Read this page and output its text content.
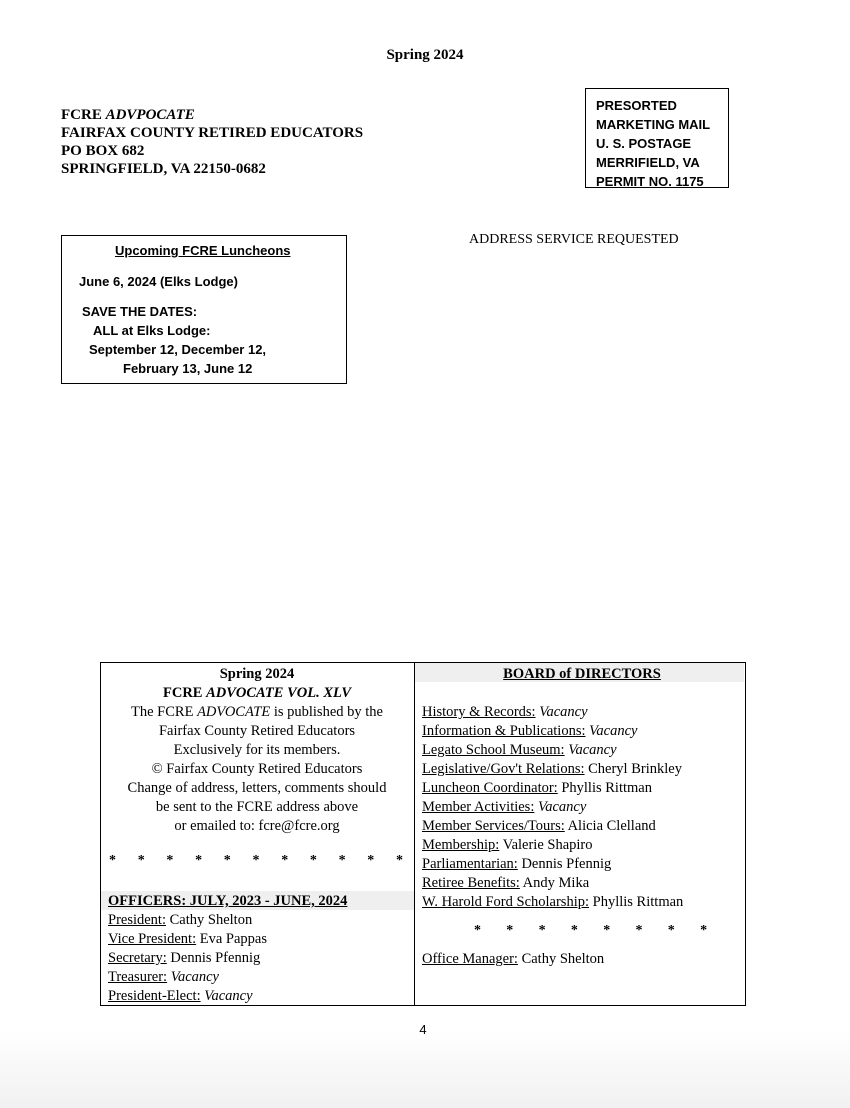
Spring 2024
FCRE ADVPOCATE
FAIRFAX COUNTY RETIRED EDUCATORS
PO BOX 682
SPRINGFIELD, VA 22150-0682
PRESORTED
MARKETING MAIL
U. S. POSTAGE
MERRIFIELD, VA
PERMIT NO. 1175
ADDRESS SERVICE REQUESTED
Upcoming FCRE Luncheons
June 6, 2024 (Elks Lodge)
SAVE THE DATES:
ALL at Elks Lodge:
September 12, December 12,
February 13, June 12
Spring 2024
FCRE ADVOCATE VOL. XLV
The FCRE ADVOCATE is published by the
Fairfax County Retired Educators
Exclusively for its members.
© Fairfax County Retired Educators
Change of address, letters, comments should
be sent to the FCRE address above
or emailed to: fcre@fcre.org
* * * * * * * * * * *
OFFICERS: JULY, 2023 - JUNE, 2024
President: Cathy Shelton
Vice President: Eva Pappas
Secretary: Dennis Pfennig
Treasurer: Vacancy
President-Elect: Vacancy
BOARD of DIRECTORS
History & Records: Vacancy
Information & Publications: Vacancy
Legato School Museum: Vacancy
Legislative/Gov't Relations: Cheryl Brinkley
Luncheon Coordinator: Phyllis Rittman
Member Activities: Vacancy
Member Services/Tours: Alicia Clelland
Membership: Valerie Shapiro
Parliamentarian: Dennis Pfennig
Retiree Benefits: Andy Mika
W. Harold Ford Scholarship: Phyllis Rittman
* * * * * * * *
Office Manager: Cathy Shelton
4
